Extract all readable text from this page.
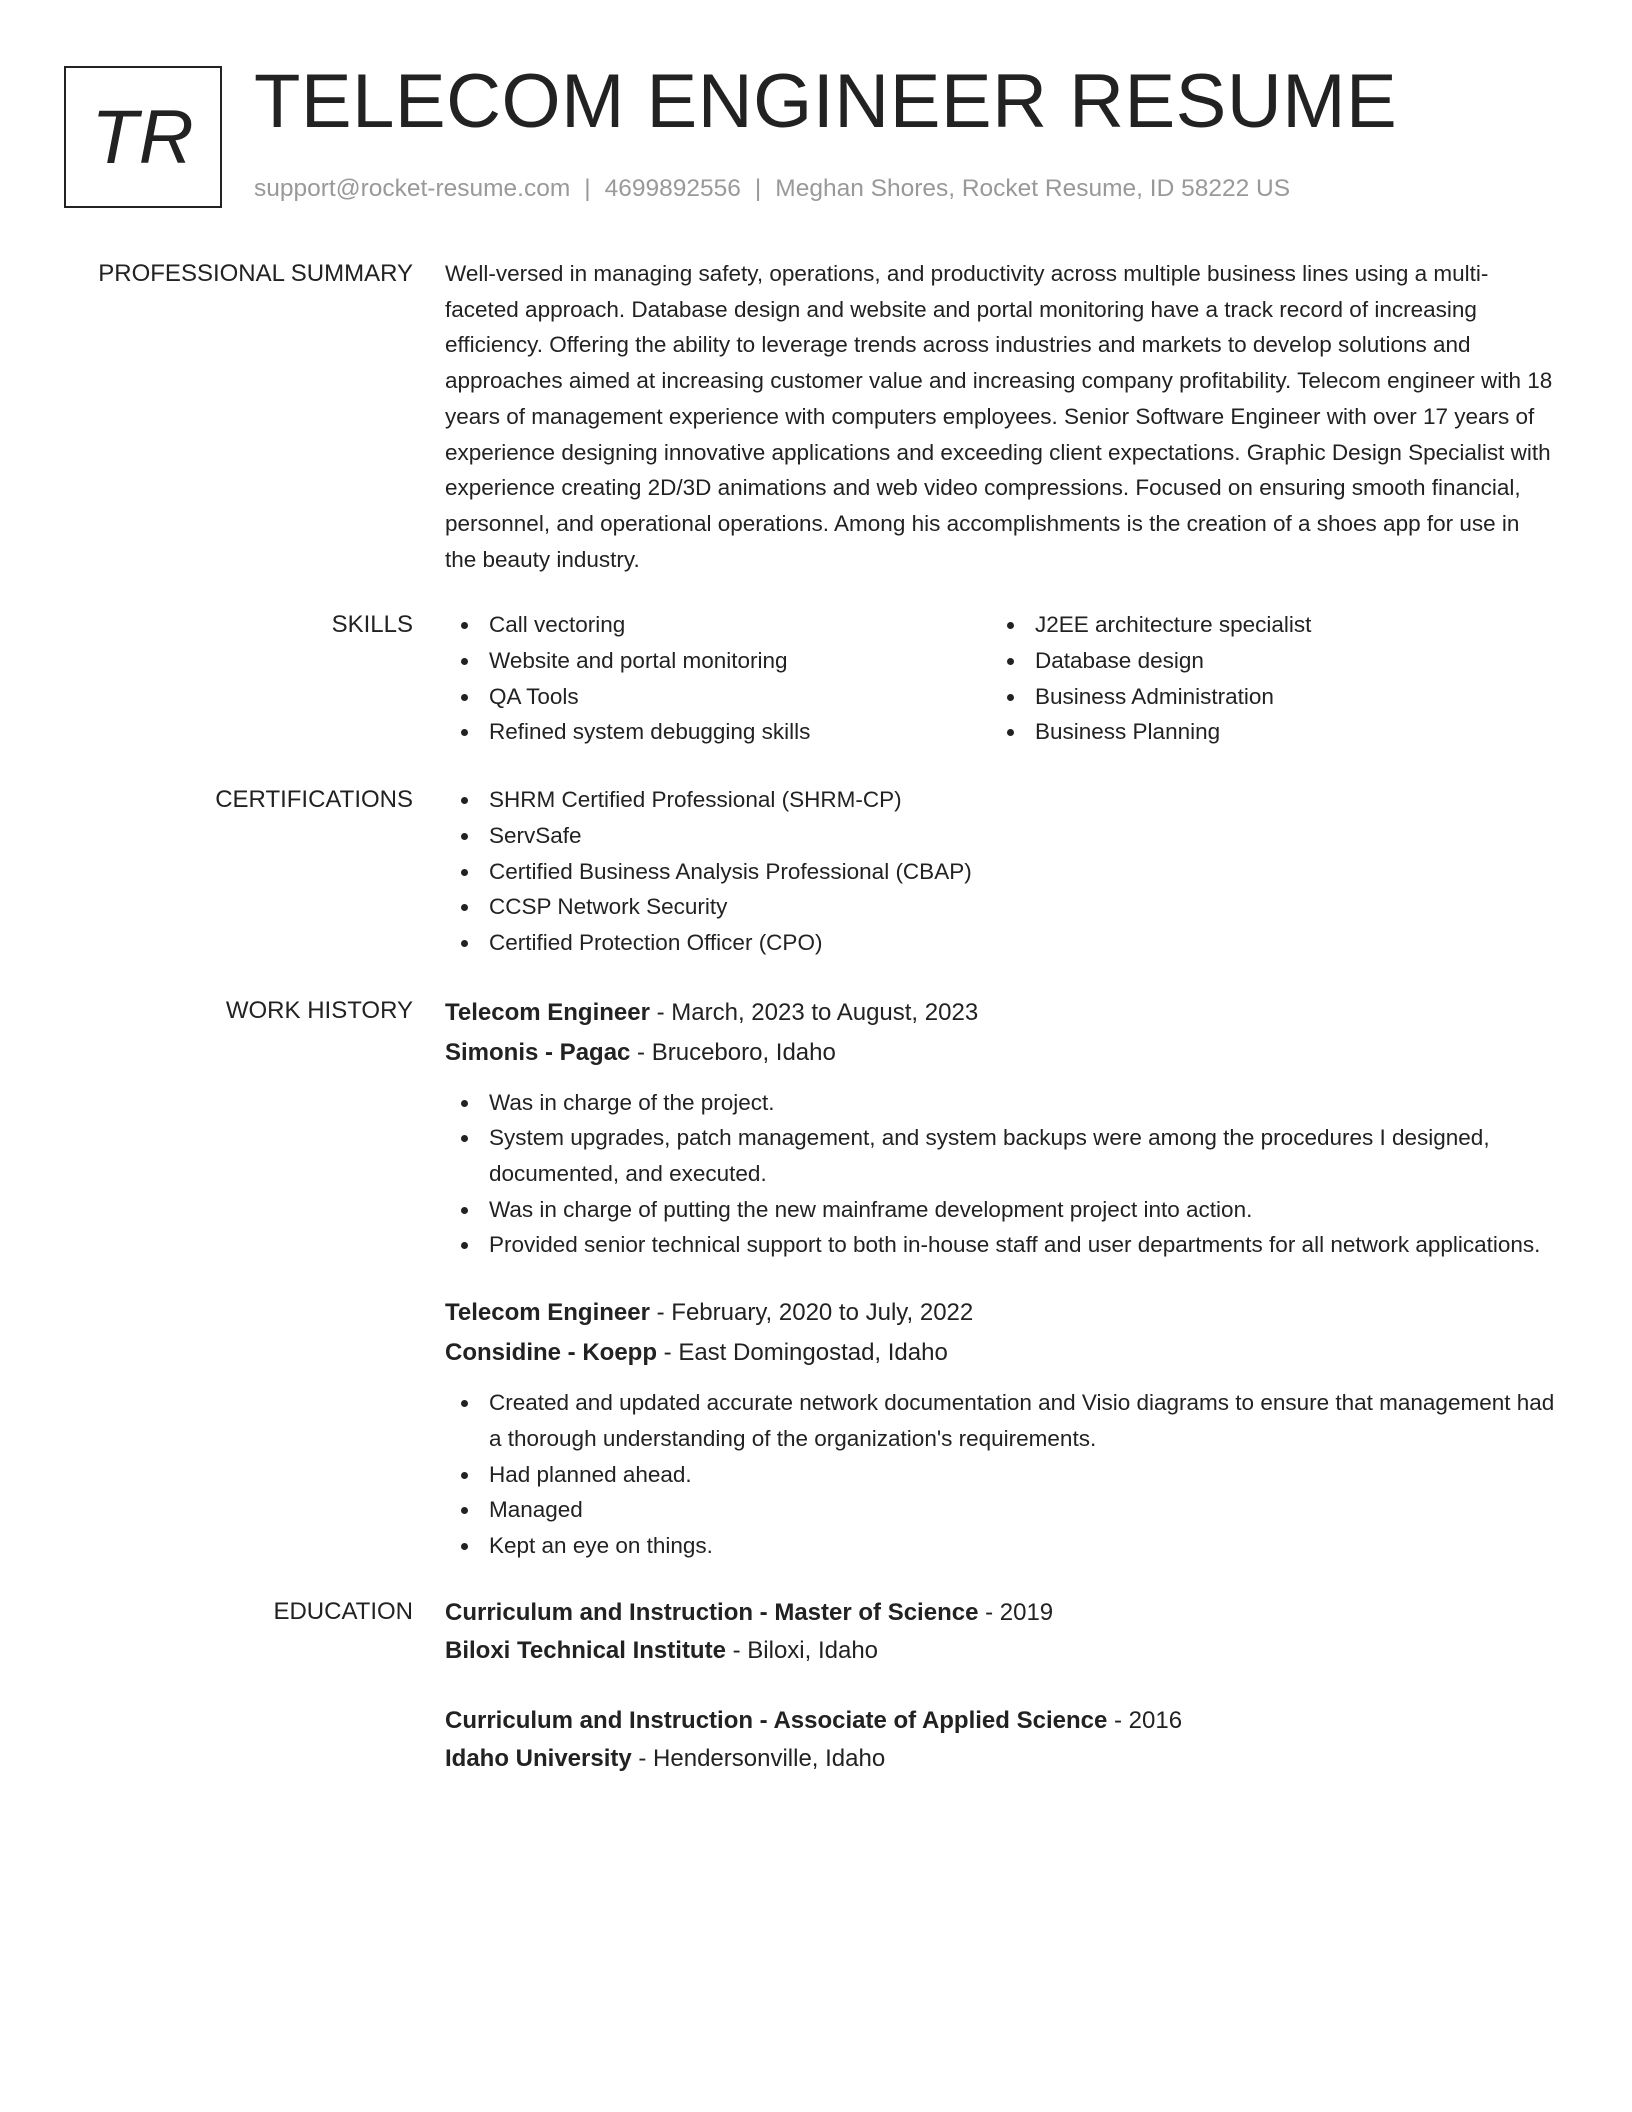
TR TELECOM ENGINEER RESUME
support@rocket-resume.com | 4699892556 | Meghan Shores, Rocket Resume, ID 58222 US
PROFESSIONAL SUMMARY Well-versed in managing safety, operations, and productivity across multiple business lines using a multi-faceted approach. Database design and website and portal monitoring have a track record of increasing efficiency. Offering the ability to leverage trends across industries and markets to develop solutions and approaches aimed at increasing customer value and increasing company profitability. Telecom engineer with 18 years of management experience with computers employees. Senior Software Engineer with over 17 years of experience designing innovative applications and exceeding client expectations. Graphic Design Specialist with experience creating 2D/3D animations and web video compressions. Focused on ensuring smooth financial, personnel, and operational operations. Among his accomplishments is the creation of a shoes app for use in the beauty industry.
SKILLS	Call vectoring
Website and portal monitoring
QA Tools
Refined system debugging skills
J2EE architecture specialist
Database design
Business Administration
Business Planning
CERTIFICATIONS	SHRM Certified Professional (SHRM-CP)
ServSafe
Certified Business Analysis Professional (CBAP)
CCSP Network Security
Certified Protection Officer (CPO)
WORK HISTORY Telecom Engineer - March, 2023 to August, 2023
Simonis - Pagac - Bruceboro, Idaho
Was in charge of the project.
System upgrades, patch management, and system backups were among the procedures I designed, documented, and executed.
Was in charge of putting the new mainframe development project into action.
Provided senior technical support to both in-house staff and user departments for all network applications.
Telecom Engineer - February, 2020 to July, 2022
Considine - Koepp - East Domingostad, Idaho
Created and updated accurate network documentation and Visio diagrams to ensure that management had a thorough understanding of the organization's requirements.
Had planned ahead.
Managed
Kept an eye on things.
EDUCATION Curriculum and Instruction - Master of Science - 2019
Biloxi Technical Institute - Biloxi, Idaho
Curriculum and Instruction - Associate of Applied Science - 2016
Idaho University - Hendersonville, Idaho
